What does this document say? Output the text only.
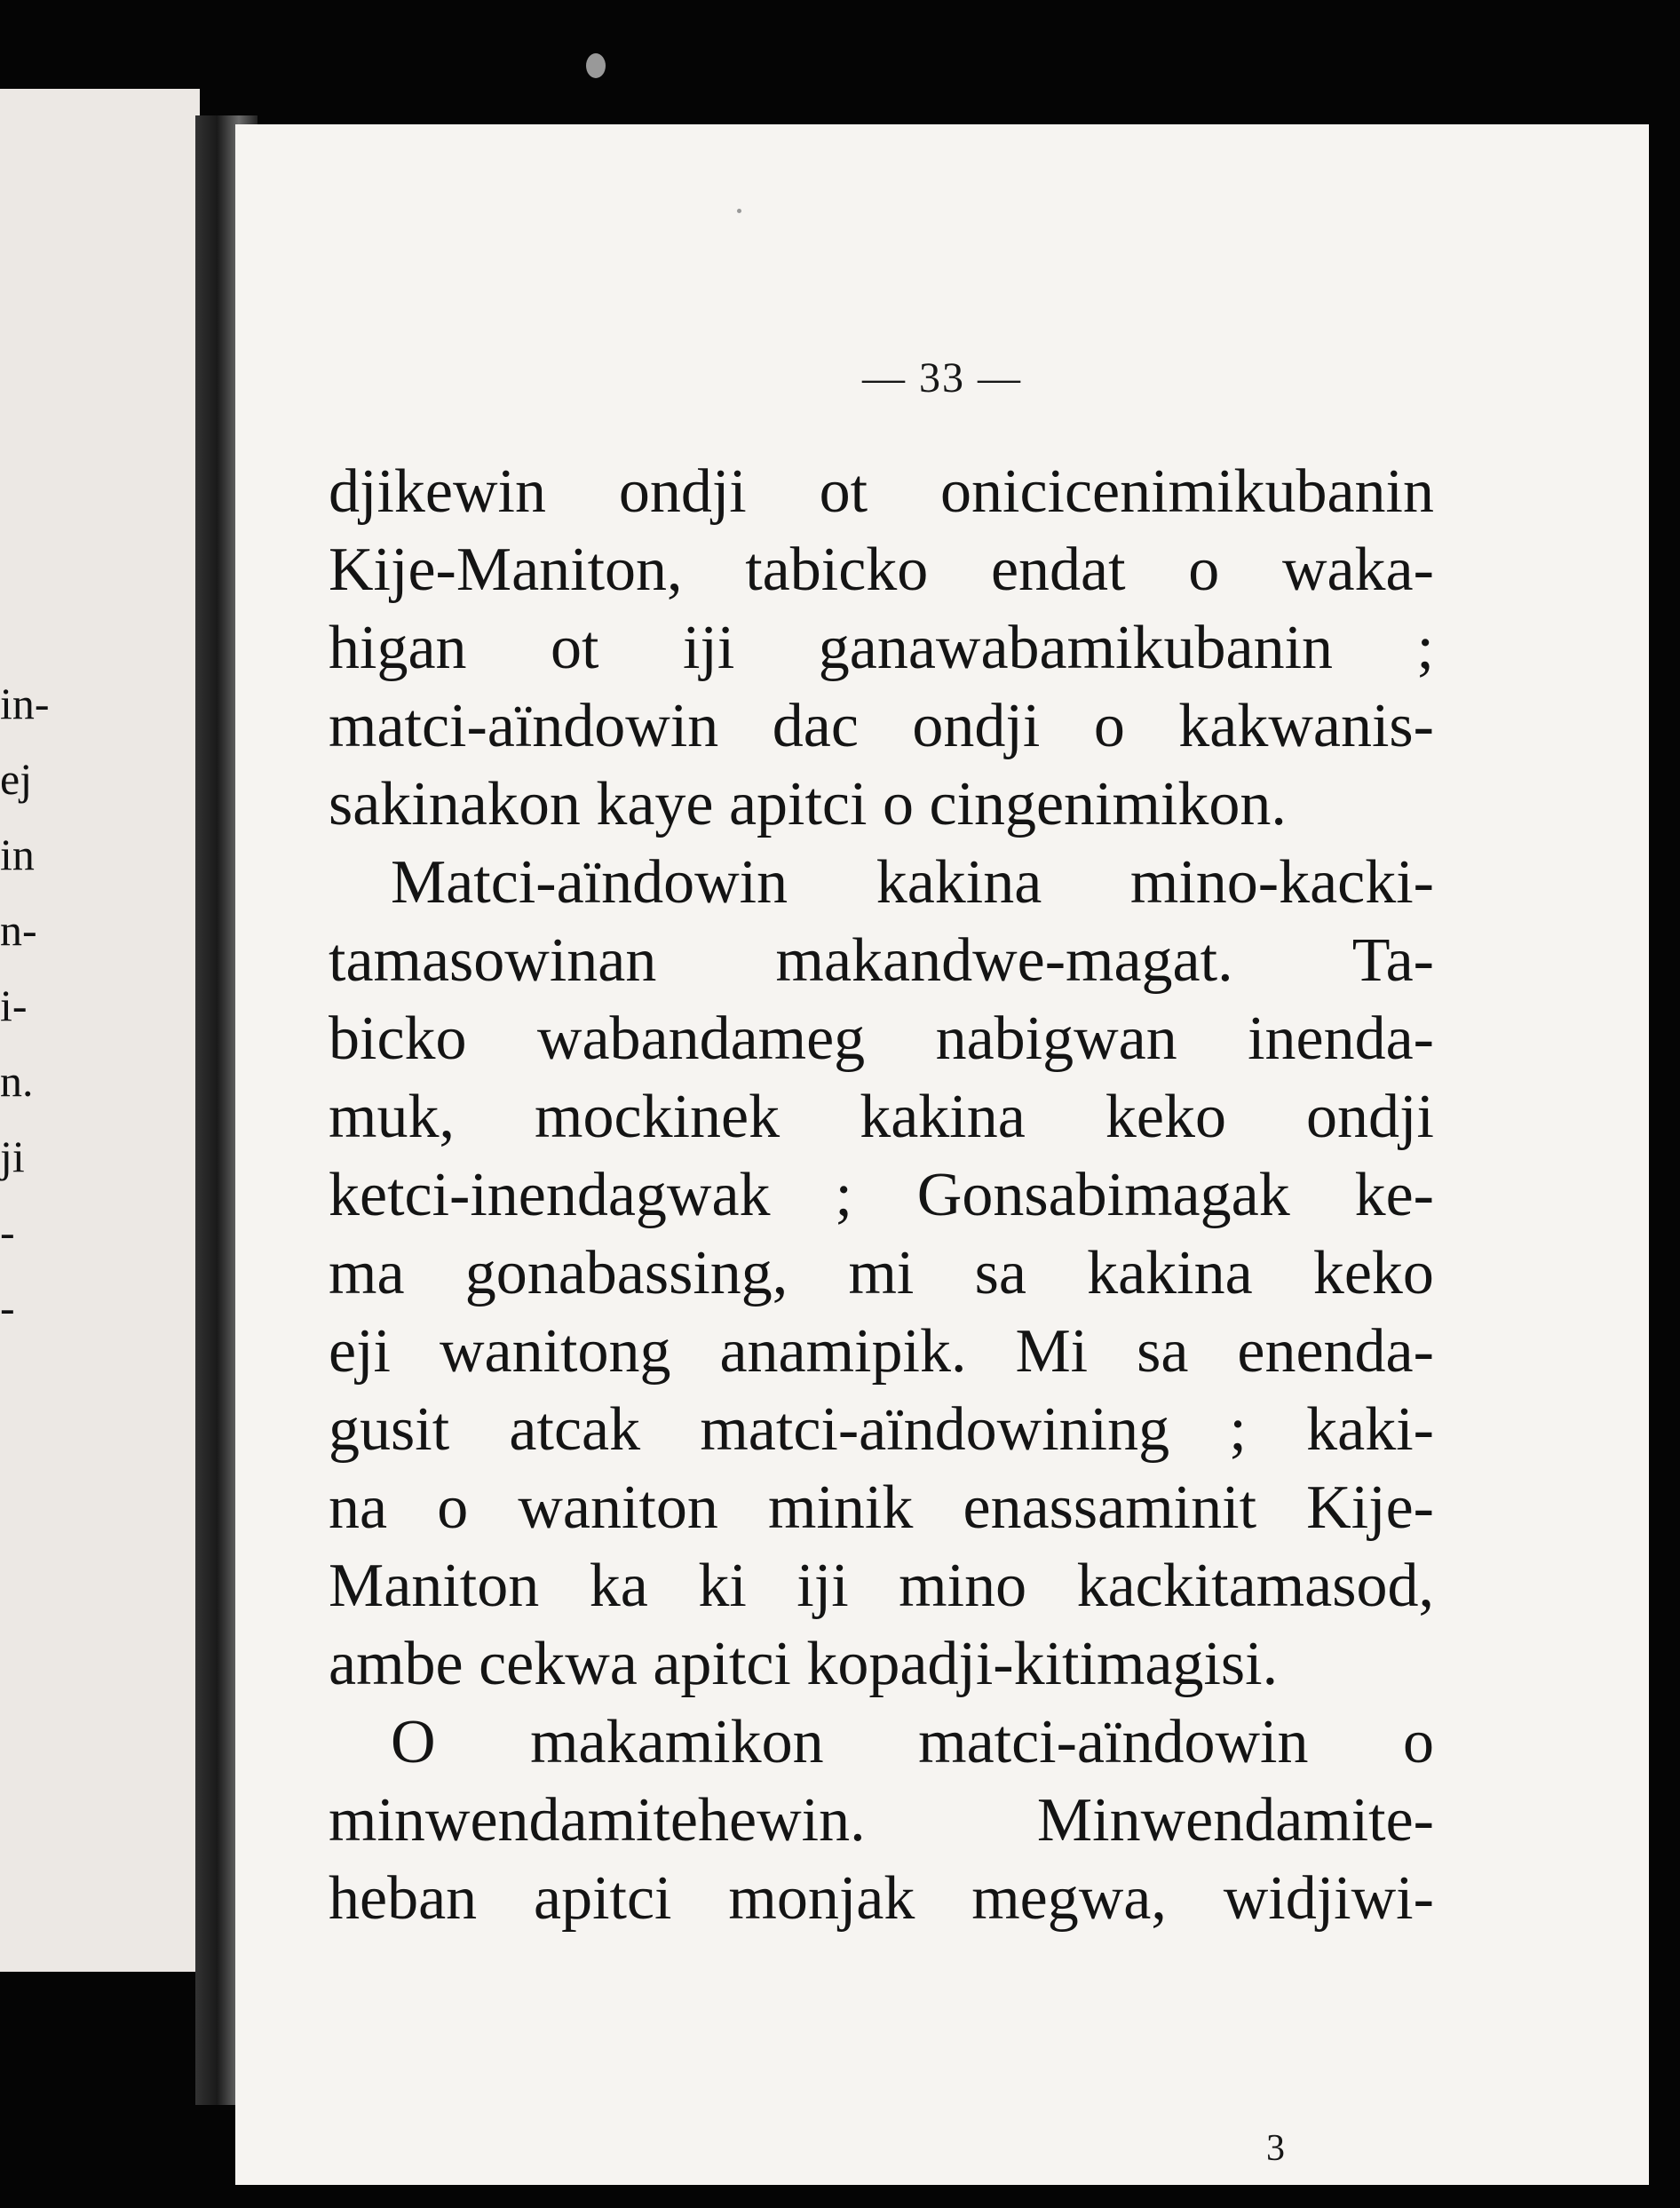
in-
ej
in
n-
i-
n.
ji
-
-
— 33 —
djikewin ondji ot onicicenimikubanin
Kije-Maniton, tabicko endat o waka-
higan ot iji ganawabamikubanin ;
matci-aïndowin dac ondji o kakwanis-
sakinakon kaye apitci o cingenimikon.
Matci-aïndowin kakina mino-kacki-
tamasowinan makandwe-magat. Ta-
bicko wabandameg nabigwan inenda-
muk, mockinek kakina keko ondji
ketci-inendagwak ; Gonsabimagak ke-
ma gonabassing, mi sa kakina keko
eji wanitong anamipik. Mi sa enenda-
gusit atcak matci-aïndowining ; kaki-
na o waniton minik enassaminit Kije-
Maniton ka ki iji mino kackitamasod,
ambe cekwa apitci kopadji-kitimagisi.
O makamikon matci-aïndowin o
minwendamitehewin.	Minwendamite-
heban apitci monjak megwa, widjiwi-
3
